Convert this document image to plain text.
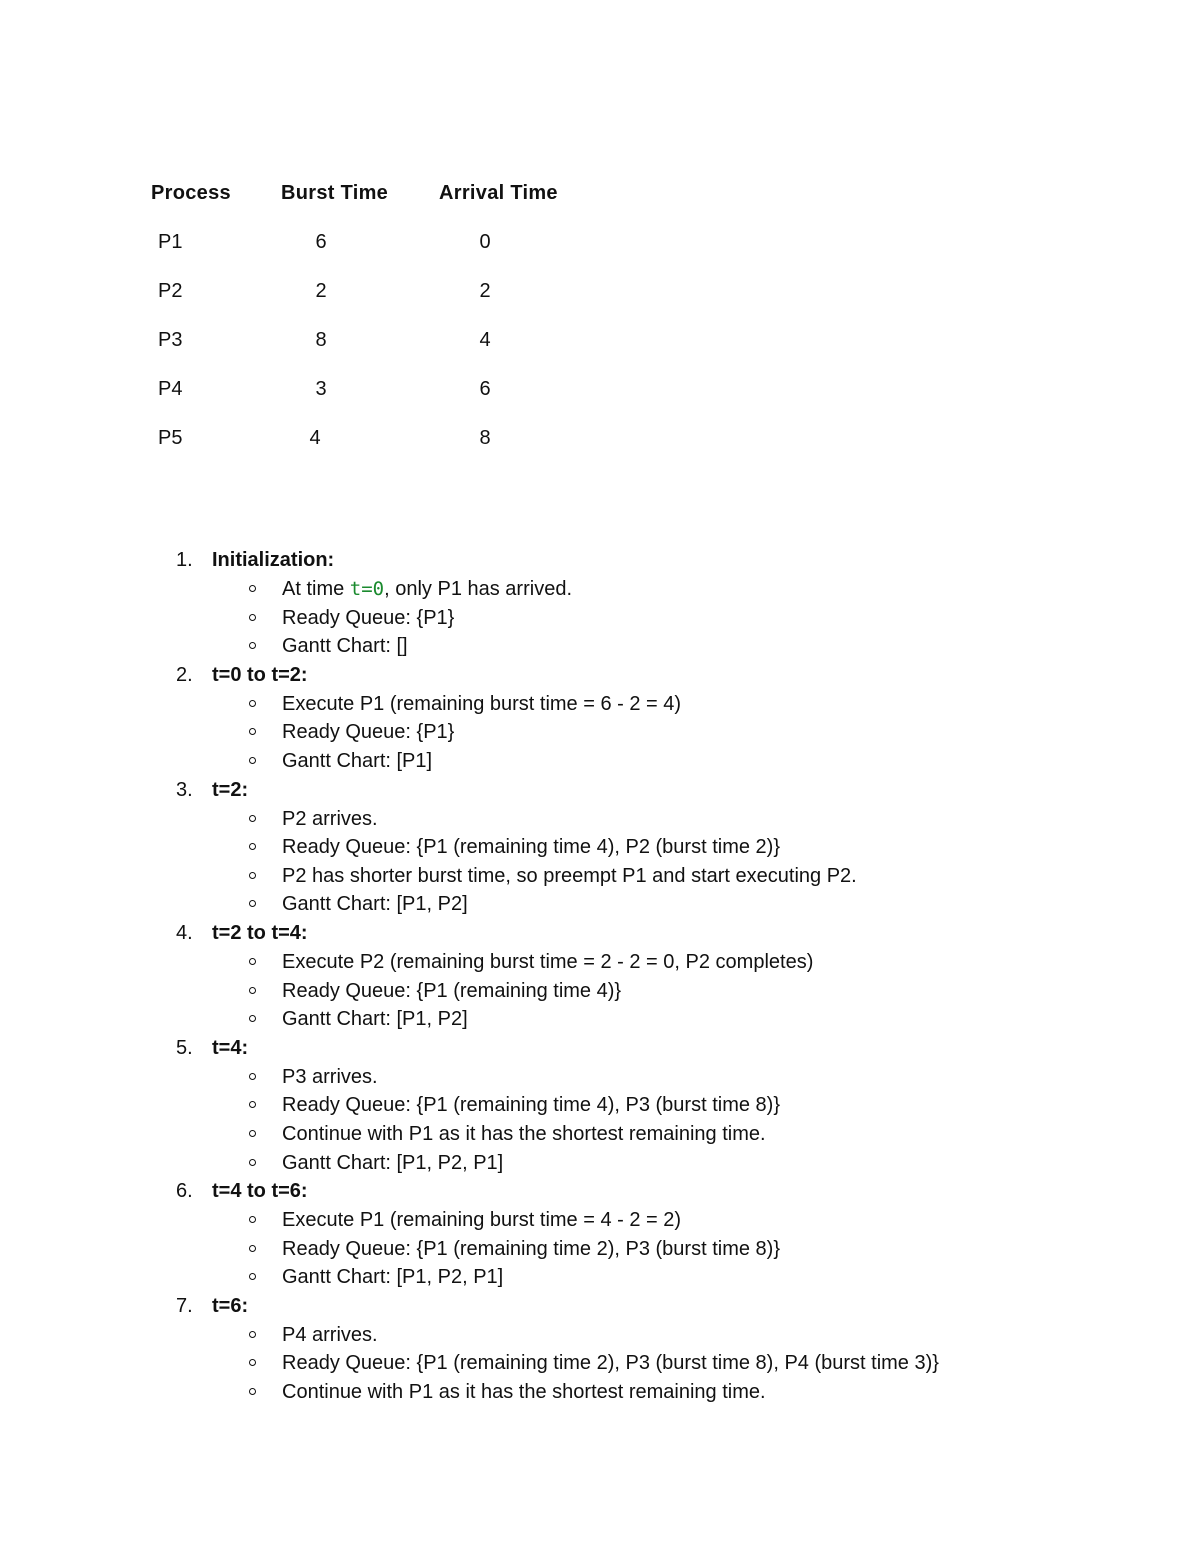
Process	Burst Time	Arrival Time
P1	6	0
P2	2	2
P3	8	4
P4	3	6
P5	4	8
1. Initialization:
At time t=0, only P1 has arrived.
Ready Queue: {P1}
Gantt Chart: []
2. t=0 to t=2:
Execute P1 (remaining burst time = 6 - 2 = 4)
Ready Queue: {P1}
Gantt Chart: [P1]
3. t=2:
P2 arrives.
Ready Queue: {P1 (remaining time 4), P2 (burst time 2)}
P2 has shorter burst time, so preempt P1 and start executing P2.
Gantt Chart: [P1, P2]
4. t=2 to t=4:
Execute P2 (remaining burst time = 2 - 2 = 0, P2 completes)
Ready Queue: {P1 (remaining time 4)}
Gantt Chart: [P1, P2]
5. t=4:
P3 arrives.
Ready Queue: {P1 (remaining time 4), P3 (burst time 8)}
Continue with P1 as it has the shortest remaining time.
Gantt Chart: [P1, P2, P1]
6. t=4 to t=6:
Execute P1 (remaining burst time = 4 - 2 = 2)
Ready Queue: {P1 (remaining time 2), P3 (burst time 8)}
Gantt Chart: [P1, P2, P1]
7. t=6:
P4 arrives.
Ready Queue: {P1 (remaining time 2), P3 (burst time 8), P4 (burst time 3)}
Continue with P1 as it has the shortest remaining time.
